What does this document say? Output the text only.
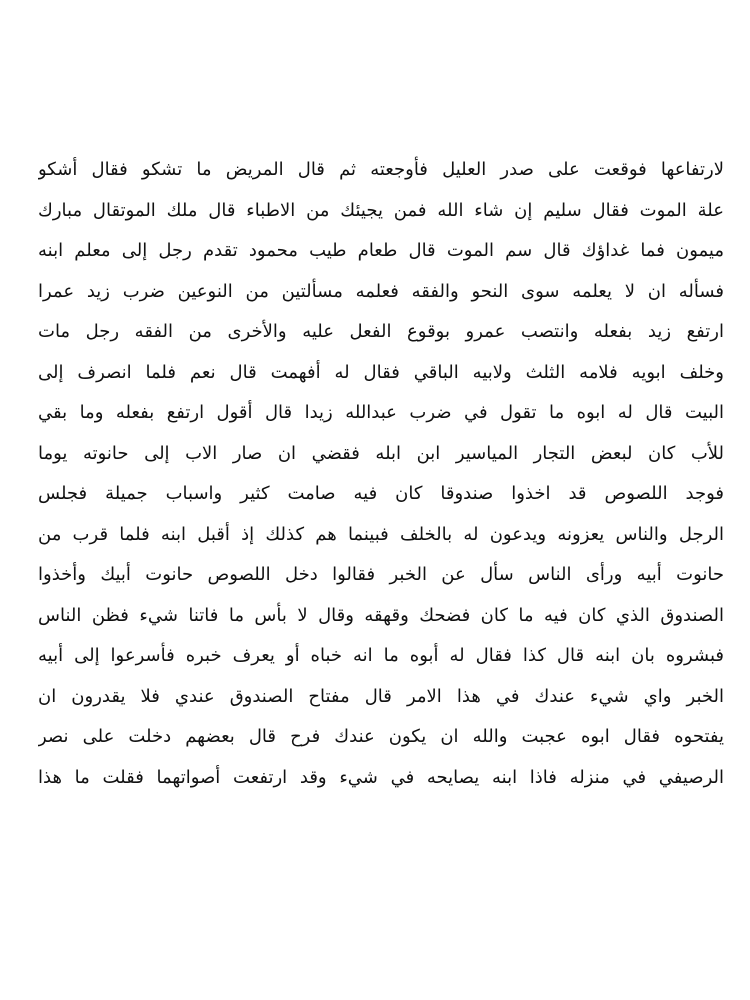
لارتفاعها فوقعت على صدر العليل فأوجعته ثم قال المريض ما تشكو فقال أشكو
علة الموت فقال سليم إن شاء الله فمن يجيئك من الاطباء قال ملك الموتقال مبارك
ميمون فما غداؤك قال سم الموت قال طعام طيب محمود تقدم رجل إلى معلم ابنه
فسأله ان لا يعلمه سوى النحو والفقه فعلمه مسألتين من النوعين ضرب زيد عمرا
ارتفع زيد بفعله وانتصب عمرو بوقوع الفعل عليه والأخرى من الفقه رجل مات
وخلف ابويه فلامه الثلث ولابيه الباقي فقال له أفهمت قال نعم فلما انصرف إلى
البيت قال له ابوه ما تقول في ضرب عبدالله زيدا قال أقول ارتفع بفعله وما بقي
للأب كان لبعض التجار المياسير ابن ابله فقضي ان صار الاب إلى حانوته يوما
فوجد اللصوص قد اخذوا صندوقا كان فيه صامت كثير واسباب جميلة فجلس
الرجل والناس يعزونه ويدعون له بالخلف فبينما هم كذلك إذ أقبل ابنه فلما قرب من
حانوت أبيه ورأى الناس سأل عن الخبر فقالوا دخل اللصوص حانوت أبيك وأخذوا
الصندوق الذي كان فيه ما كان فضحك وقهقه وقال لا بأس ما فاتنا شيء فظن الناس
فبشروه بان ابنه قال كذا فقال له أبوه ما انه خباه أو يعرف خبره فأسرعوا إلى أبيه
الخبر واي شيء عندك في هذا الامر قال مفتاح الصندوق عندي فلا يقدرون ان
يفتحوه فقال ابوه عجبت والله ان يكون عندك فرح قال بعضهم دخلت على نصر
الرصيفي في منزله فاذا ابنه يصايحه في شيء وقد ارتفعت أصواتهما فقلت ما هذا
